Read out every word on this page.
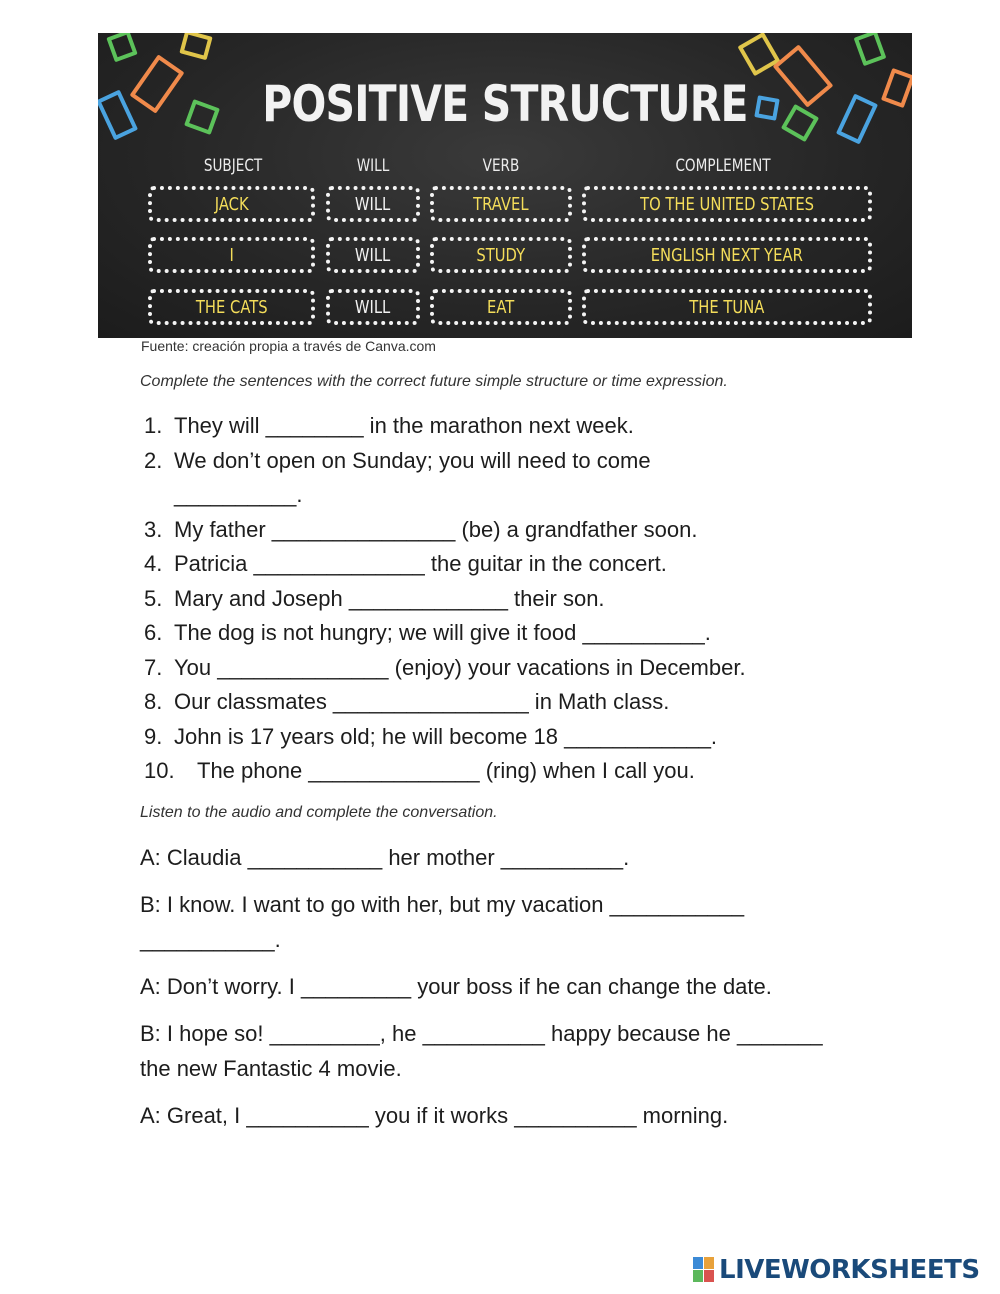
POSITIVE STRUCTURE
SUBJECT	WILL	VERB	COMPLEMENT
JACK	WILL	TRAVEL	TO THE UNITED STATES
I	WILL	STUDY	ENGLISH NEXT YEAR
THE CATS	WILL	EAT	THE TUNA
Fuente: creación propia a través de Canva.com
Complete the sentences with the correct future simple structure or time expression.
1. They will ________ in the marathon next week.
2. We don’t open on Sunday; you will need to come
__________.
3. My father _______________ (be) a grandfather soon.
4. Patricia ______________ the guitar in the concert.
5. Mary and Joseph _____________ their son.
6. The dog is not hungry; we will give it food __________.
7. You ______________ (enjoy) your vacations in December.
8. Our classmates ________________ in Math class.
9. John is 17 years old; he will become 18 ____________.
10. The phone ______________ (ring) when I call you.
Listen to the audio and complete the conversation.
A: Claudia ___________ her mother __________.
B: I know. I want to go with her, but my vacation ___________ ___________.
A: Don’t worry. I _________ your boss if he can change the date.
B: I hope so! _________, he __________ happy because he _______ the new Fantastic 4 movie.
A: Great, I __________ you if it works __________ morning.
LIVEWORKSHEETS
